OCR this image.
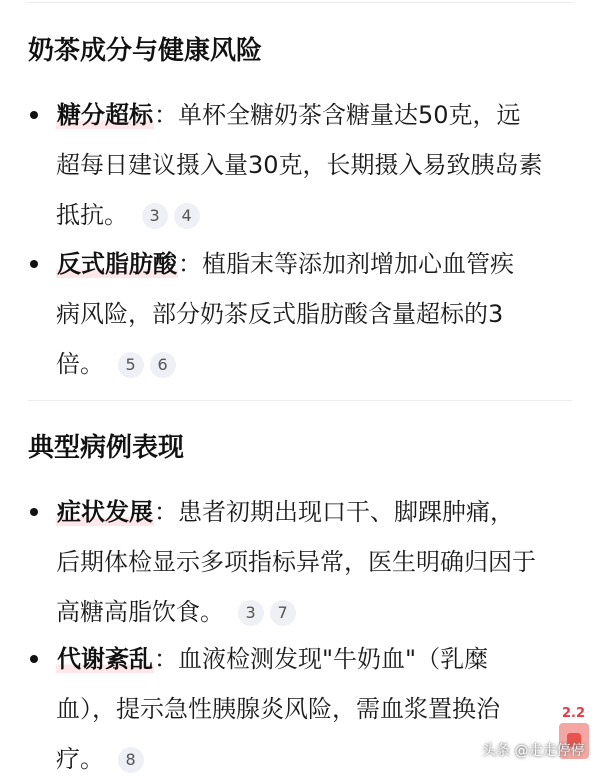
奶茶成分与健康风险

糖分超标：单杯全糖奶茶含糖量达50克，远
超每日建议摄入量30克，长期摄入易致胰岛素
抵抗。 3 4

反式脂肪酸：植脂末等添加剂增加心血管疾
病风险，部分奶茶反式脂肪酸含量超标的3
倍。 5 6

典型病例表现

症状发展：患者初期出现口干、脚踝肿痛，
后期体检显示多项指标异常，医生明确归因于
高糖高脂饮食。 3 7

代谢紊乱：血液检测发现"牛奶血"（乳糜
血），提示急性胰腺炎风险，需血浆置换治
疗。 8

2.2
头条 @走走停停
